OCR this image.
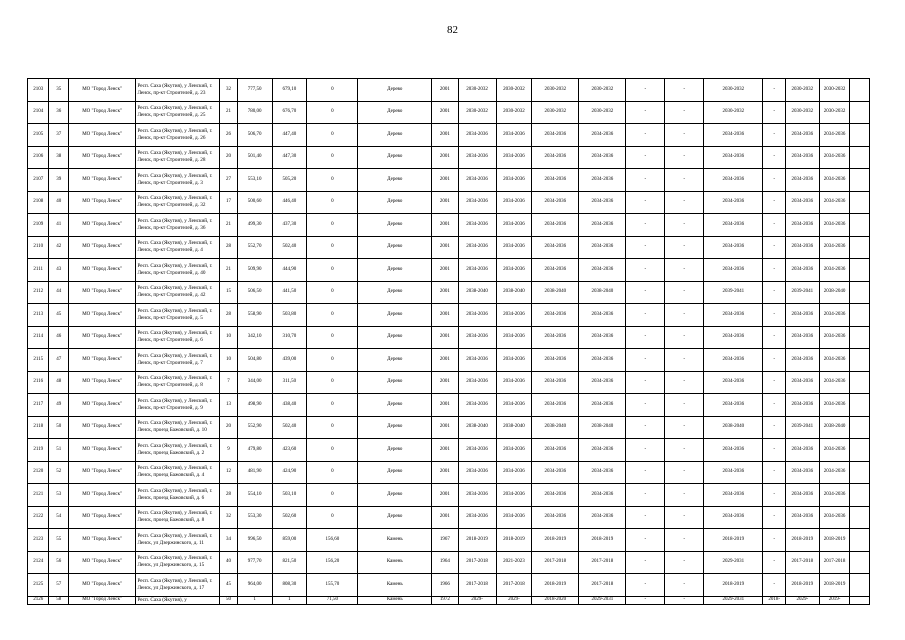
82
2103	35	МО "Город Ленск"	Респ. Саха (Якутия), у Ленский, г. Ленск, пр-кт Строителей, д. 23	32	777,50	679,10	0	Дерево	2001	2030-2032	2030-2032	2030-2032	2030-2032	-	-	2030-2032	-	2030-2032	2030-2032	
2104	36	МО "Город Ленск"	Респ. Саха (Якутия), у Ленский, г. Ленск, пр-кт Строителей, д. 25	21	780,00	676,70	0	Дерево	2001	2030-2032	2030-2032	2030-2032	2030-2032	-	-	2030-2032	-	2030-2032	2030-2032	
2105	37	МО "Город Ленск"	Респ. Саха (Якутия), у Ленский, г. Ленск, пр-кт Строителей, д. 26	26	506,70	447,40	0	Дерево	2001	2034-2036	2034-2036	2034-2036	2034-2036	-	-	2034-2036	-	2034-2036	2034-2036	
2106	38	МО "Город Ленск"	Респ. Саха (Якутия), у Ленский, г. Ленск, пр-кт Строителей, д. 28	20	501,40	447,30	0	Дерево	2001	2034-2036	2034-2036	2034-2036	2034-2036	-	-	2034-2036	-	2034-2036	2034-2036	
2107	39	МО "Город Ленск"	Респ. Саха (Якутия), у Ленский, г. Ленск, пр-кт Строителей, д. 3	27	553,10	505,20	0	Дерево	2001	2034-2036	2034-2036	2034-2036	2034-2036	-	-	2034-2036	-	2034-2036	2034-2036	
2108	40	МО "Город Ленск"	Респ. Саха (Якутия), у Ленский, г. Ленск, пр-кт Строителей, д. 32	17	500,60	446,40	0	Дерево	2001	2034-2036	2034-2036	2034-2036	2034-2036	-	-	2034-2036	-	2034-2036	2034-2036	
2109	41	МО "Город Ленск"	Респ. Саха (Якутия), у Ленский, г. Ленск, пр-кт Строителей, д. 36	21	499,30	437,30	0	Дерево	2001	2034-2036	2034-2036	2034-2036	2034-2036	-	-	2034-2036	-	2034-2036	2034-2036	
2110	42	МО "Город Ленск"	Респ. Саха (Якутия), у Ленский, г. Ленск, пр-кт Строителей, д. 4	28	552,70	502,40	0	Дерево	2001	2034-2036	2034-2036	2034-2036	2034-2036	-	-	2034-2036	-	2034-2036	2034-2036	
2111	43	МО "Город Ленск"	Респ. Саха (Якутия), у Ленский, г. Ленск, пр-кт Строителей, д. 40	21	509,90	444,90	0	Дерево	2001	2034-2036	2034-2036	2034-2036	2034-2036	-	-	2034-2036	-	2034-2036	2034-2036	
2112	44	МО "Город Ленск"	Респ. Саха (Якутия), у Ленский, г. Ленск, пр-кт Строителей, д. 42	15	506,50	441,50	0	Дерево	2001	2038-2040	2038-2040	2038-2040	2038-2040	-	-	2039-2041	-	2039-2041	2038-2040	
2113	45	МО "Город Ленск"	Респ. Саха (Якутия), у Ленский, г. Ленск, пр-кт Строителей, д. 5	28	558,90	503,80	0	Дерево	2001	2034-2036	2034-2036	2034-2036	2034-2036	-	-	2034-2036	-	2034-2036	2034-2036	
2114	46	МО "Город Ленск"	Респ. Саха (Якутия), у Ленский, г. Ленск, пр-кт Строителей, д. 6	10	342,10	310,70	0	Дерево	2001	2034-2036	2034-2036	2034-2036	2034-2036	-	-	2034-2036	-	2034-2036	2034-2036	
2115	47	МО "Город Ленск"	Респ. Саха (Якутия), у Ленский, г. Ленск, пр-кт Строителей, д. 7	10	504,80	439,00	0	Дерево	2001	2034-2036	2034-2036	2034-2036	2034-2036	-	-	2034-2036	-	2034-2036	2034-2036	
2116	48	МО "Город Ленск"	Респ. Саха (Якутия), у Ленский, г. Ленск, пр-кт Строителей, д. 8	7	344,00	311,50	0	Дерево	2001	2034-2036	2034-2036	2034-2036	2034-2036	-	-	2034-2036	-	2034-2036	2034-2036	
2117	49	МО "Город Ленск"	Респ. Саха (Якутия), у Ленский, г. Ленск, пр-кт Строителей, д. 9	13	498,90	438,40	0	Дерево	2001	2034-2036	2034-2036	2034-2036	2034-2036	-	-	2034-2036	-	2034-2036	2034-2036	
2118	50	МО "Город Ленск"	Респ. Саха (Якутия), у Ленский, г. Ленск, проезд Бажовский, д. 10	20	552,90	502,40	0	Дерево	2001	2038-2040	2038-2040	2038-2040	2038-2040	-	-	2038-2040	-	2039-2041	2038-2040	
2119	51	МО "Город Ленск"	Респ. Саха (Якутия), у Ленский, г. Ленск, проезд Бажовский, д. 2	9	479,80	423,60	0	Дерево	2001	2034-2036	2034-2036	2034-2036	2034-2036	-	-	2034-2036	-	2034-2036	2034-2036	
2120	52	МО "Город Ленск"	Респ. Саха (Якутия), у Ленский, г. Ленск, проезд Бажовский, д. 4	12	481,90	424,90	0	Дерево	2001	2034-2036	2034-2036	2034-2036	2034-2036	-	-	2034-2036	-	2034-2036	2034-2036	
2121	53	МО "Город Ленск"	Респ. Саха (Якутия), у Ленский, г. Ленск, проезд Бажовский, д. 6	28	554,10	503,10	0	Дерево	2001	2034-2036	2034-2036	2034-2036	2034-2036	-	-	2034-2036	-	2034-2036	2034-2036	
2122	54	МО "Город Ленск"	Респ. Саха (Якутия), у Ленский, г. Ленск, проезд Бажовский, д. 8	32	553,30	502,60	0	Дерево	2001	2034-2036	2034-2036	2034-2036	2034-2036	-	-	2034-2036	-	2034-2036	2034-2036	
2123	55	МО "Город Ленск"	Респ. Саха (Якутия), у Ленский, г. Ленск, ул Дзержинского, д. 11	34	996,50	859,00	156,60	Камень	1967	2018-2019	2018-2019	2018-2019	2018-2019	-	-	2018-2019	-	2018-2019	2018-2019	
2124	56	МО "Город Ленск"	Респ. Саха (Якутия), у Ленский, г. Ленск, ул Дзержинского, д. 15	40	977,70	821,50	156,20	Камень	1964	2017-2018	2021-2023	2017-2018	2017-2018	-	-	2029-2031	-	2017-2018	2017-2018	
2125	57	МО "Город Ленск"	Респ. Саха (Якутия), у Ленский, г. Ленск, ул Дзержинского, д. 17	45	964,00	808,30	155,70	Камень	1966	2017-2018	2017-2018	2018-2019	2017-2018	-	-	2018-2019	-	2018-2019	2018-2019	
2126	58	МО "Город Ленск"	Респ. Саха (Якутия), у	50	1	1	71,50	Камень	1972	2029-	2029-	2018-2020	2029-2031	-	-	2029-2031	2018-	2029-	2019-	
